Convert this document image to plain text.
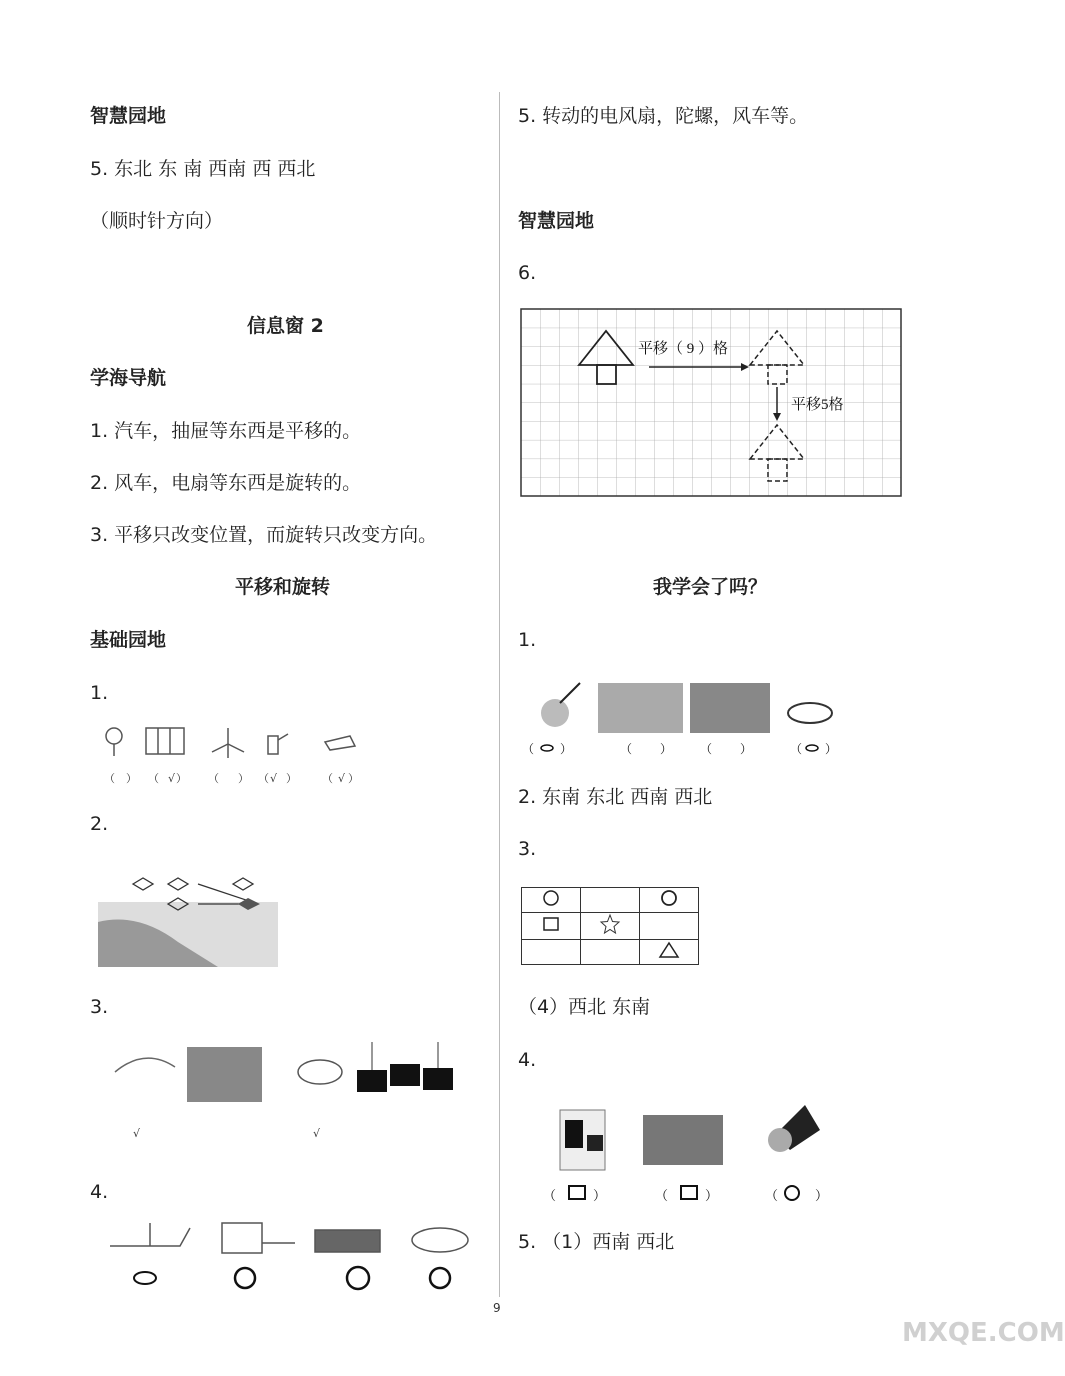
智慧园地
5. 东北 东 南 西南 西 西北
（顺时针方向）
信息窗 2
学海导航
1. 汽车，抽屉等东西是平移的。
2. 风车，电扇等东西是旋转的。
3. 平移只改变位置，而旋转只改变方向。
平移和旋转
基础园地
1.
（ ） （ ） （ ） （ ） （ ）
√	√	√
2.
3.
√	√
4.
5. 转动的电风扇，陀螺，风车等。
智慧园地
6.
平移（ 9 ）格
平移5格
我学会了吗？
1.
（ ）	（ ） （ ）	（ ）
2. 东南 东北 西南 西北
3.

（4）西北 东南
4.
（	）	（	）	（	）
5. （1）西南 西北
9
MXQE.COM
